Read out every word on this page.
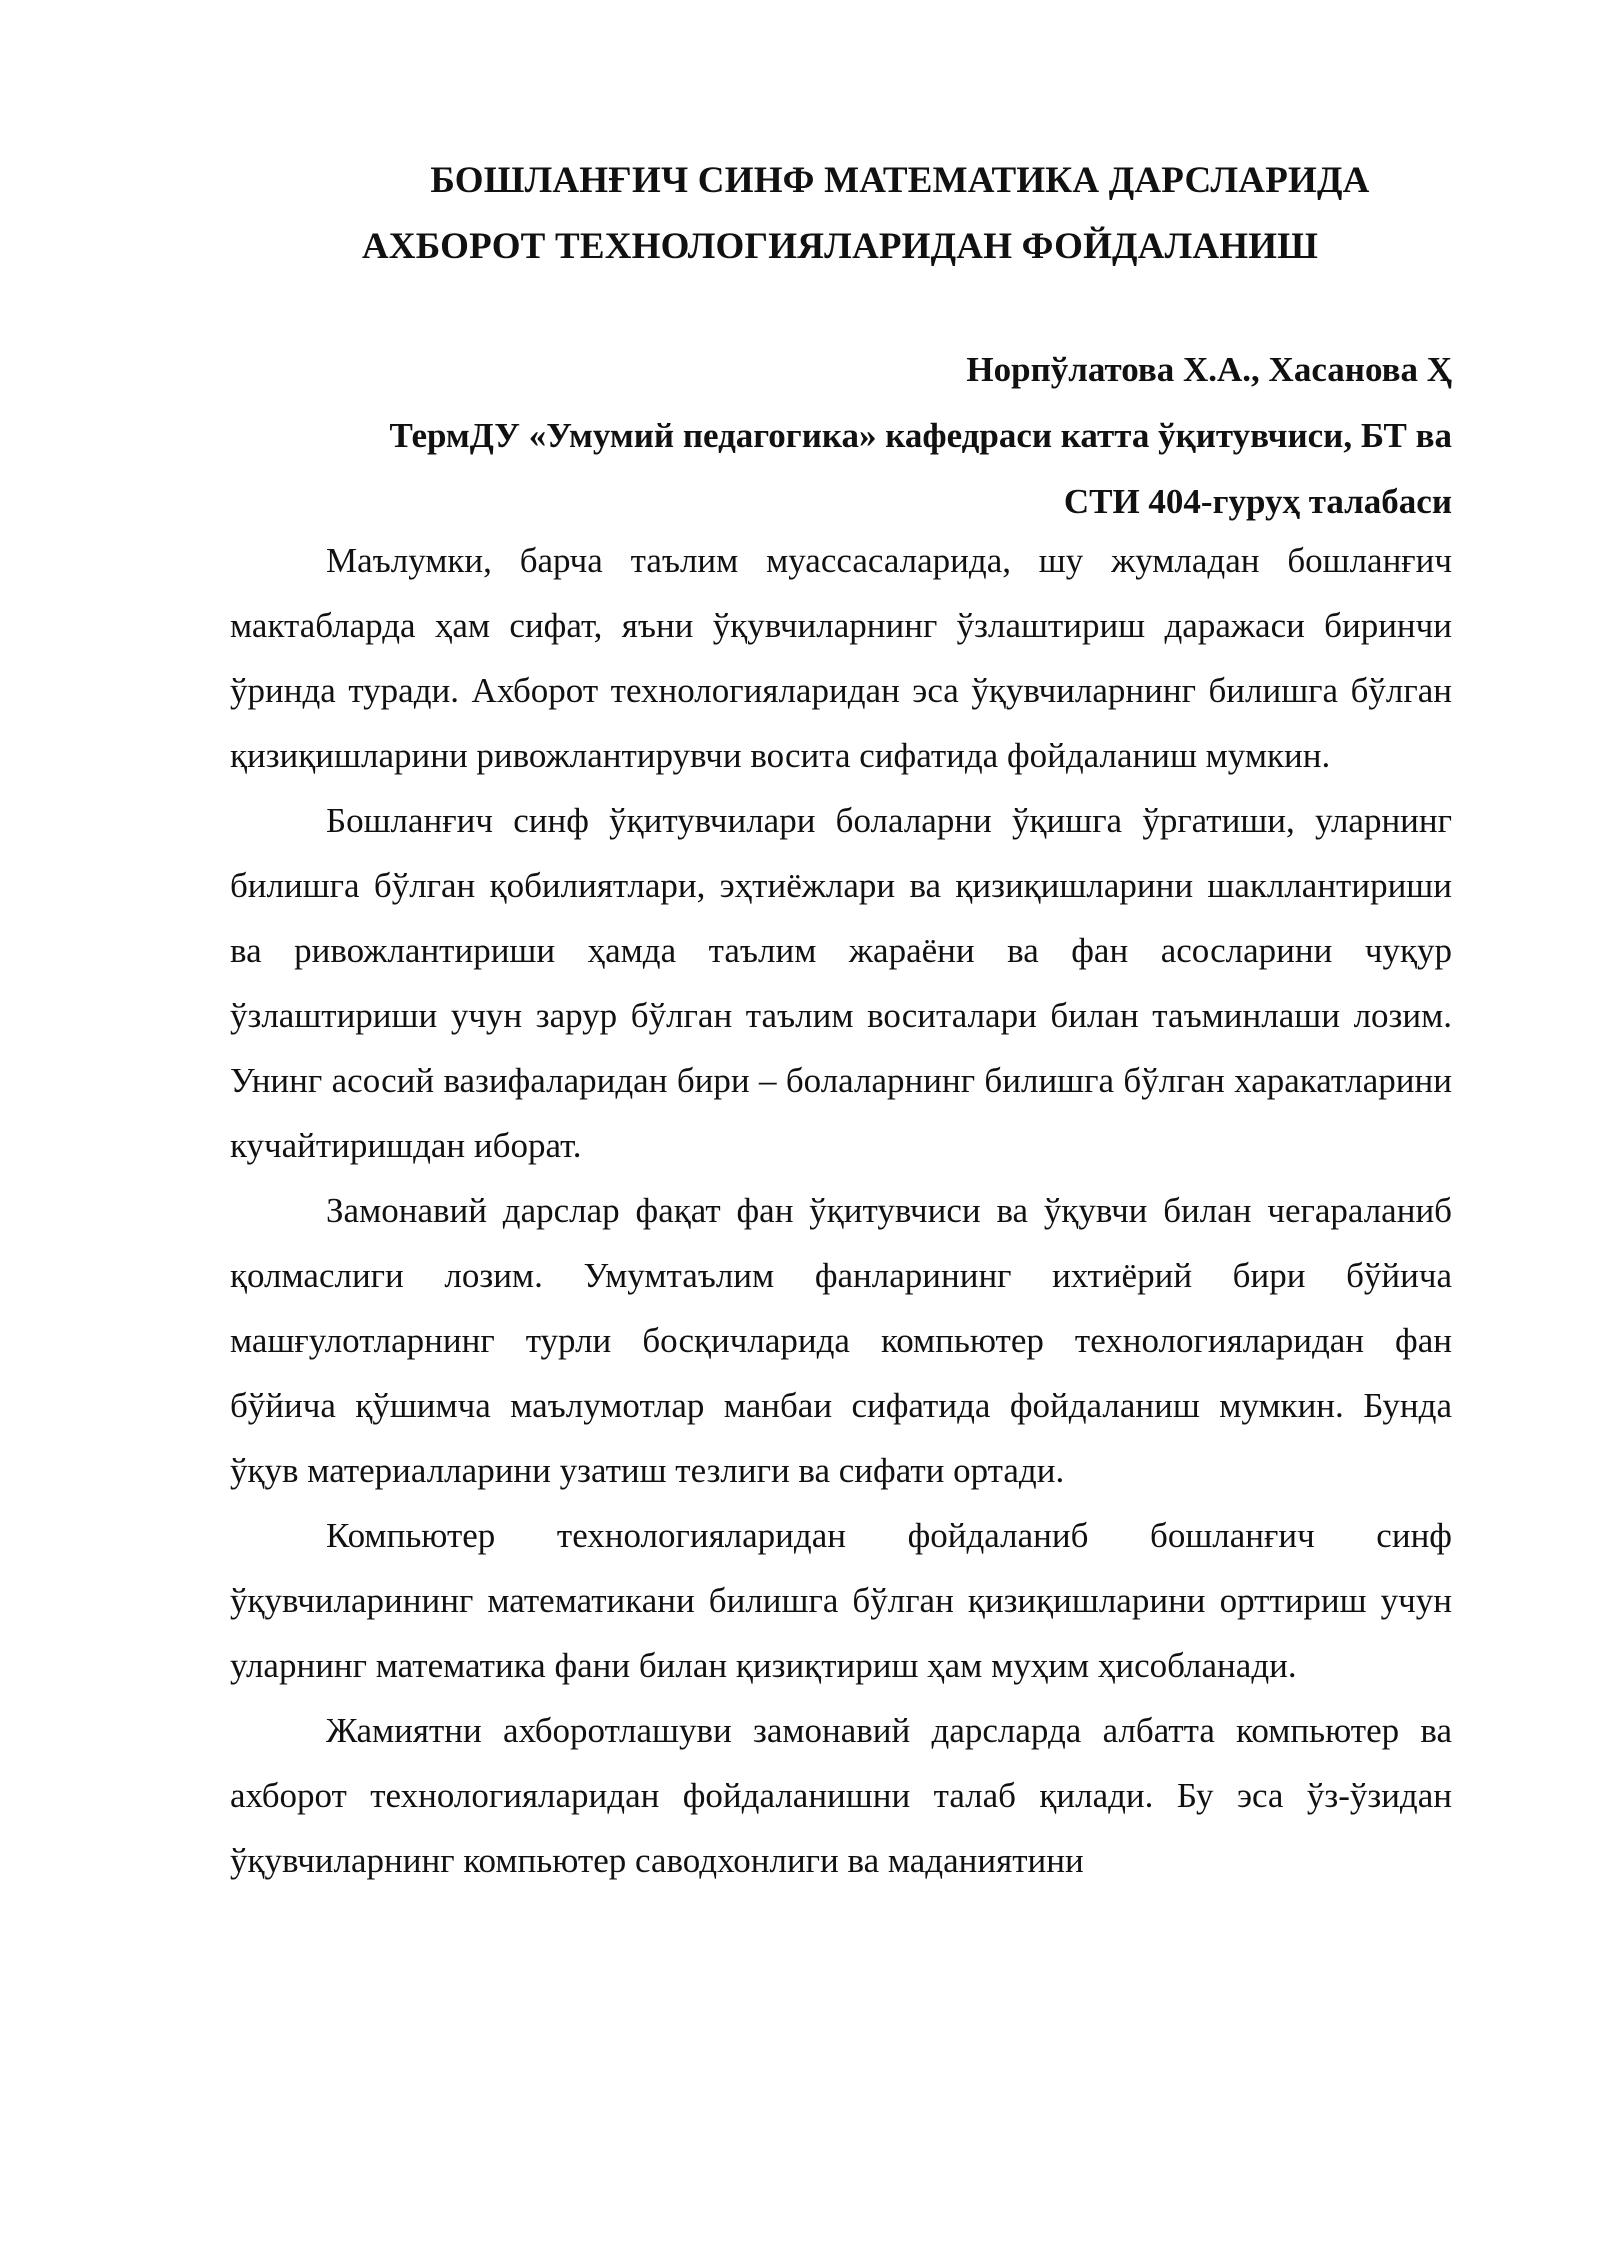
БОШЛАНҒИЧ СИНФ МАТЕМАТИКА ДАРСЛАРИДА
АХБОРОТ ТЕХНОЛОГИЯЛАРИДАН ФОЙДАЛАНИШ
Норпўлатова Х.А., Хасанова Ҳ
ТермДУ «Умумий педагогика» кафедраси катта ўқитувчиси, БТ ва
СТИ 404-гуруҳ талабаси

Маълумки, барча таълим муассасаларида, шу жумладан бошланғич мактабларда ҳам сифат, яъни ўқувчиларнинг ўзлаштириш даражаси биринчи ўринда туради. Ахборот технологияларидан эса ўқувчиларнинг билишга бўлган қизиқишларини ривожлантирувчи восита сифатида фойдаланиш мумкин.

Бошланғич синф ўқитувчилари болаларни ўқишга ўргатиши, уларнинг билишга бўлган қобилиятлари, эҳтиёжлари ва қизиқишларини шакллантириши ва ривожлантириши ҳамда таълим жараёни ва фан асосларини чуқур ўзлаштириши учун зарур бўлган таълим воситалари билан таъминлаши лозим. Унинг асосий вазифаларидан бири – болаларнинг билишга бўлган харакатларини кучайтиришдан иборат.

Замонавий дарслар фақат фан ўқитувчиси ва ўқувчи билан чегараланиб қолмаслиги лозим. Умумтаълим фанларининг ихтиёрий бири бўйича машғулотларнинг турли босқичларида компьютер технологияларидан фан бўйича қўшимча маълумотлар манбаи сифатида фойдаланиш мумкин. Бунда ўқув материалларини узатиш тезлиги ва сифати ортади.

Компьютер технологияларидан фойдаланиб бошланғич синф ўқувчиларининг математикани билишга бўлган қизиқишларини орттириш учун уларнинг математика фани билан қизиқтириш ҳам муҳим ҳисобланади.

Жамиятни ахборотлашуви замонавий дарсларда албатта компьютер ва ахборот технологияларидан фойдаланишни талаб қилади. Бу эса ўз-ўзидан ўқувчиларнинг компьютер саводхонлиги ва маданиятини
